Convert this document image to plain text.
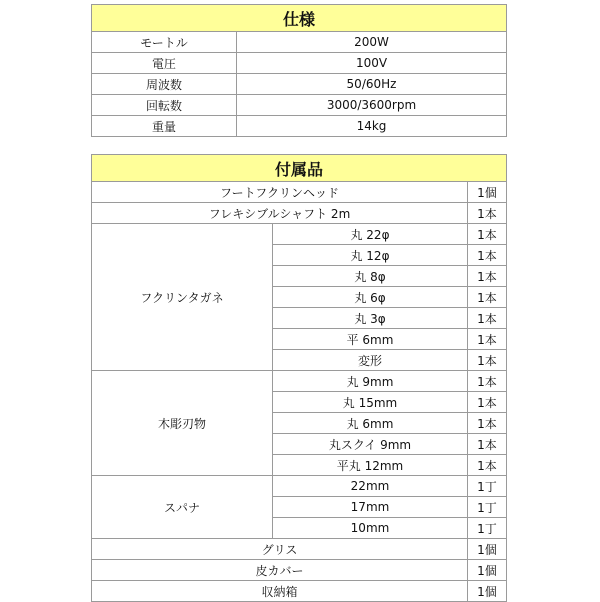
仕様	
モートル	200W
電圧	100V
周波数	50/60Hz
回転数	3000/3600rpm
重量	14kg
付属品		
フートフクリンヘッド		1個
フレキシブルシャフト 2m		1本
フクリンタガネ	丸 22φ	1本
	丸 12φ	1本
	丸 8φ	1本
	丸 6φ	1本
	丸 3φ	1本
	平 6mm	1本
	変形	1本
木彫刃物	丸 9mm	1本
	丸 15mm	1本
	丸 6mm	1本
	丸スクイ 9mm	1本
	平丸 12mm	1本
スパナ	22mm	1丁
	17mm	1丁
	10mm	1丁
グリス		1個
皮カバー		1個
収納箱		1個
